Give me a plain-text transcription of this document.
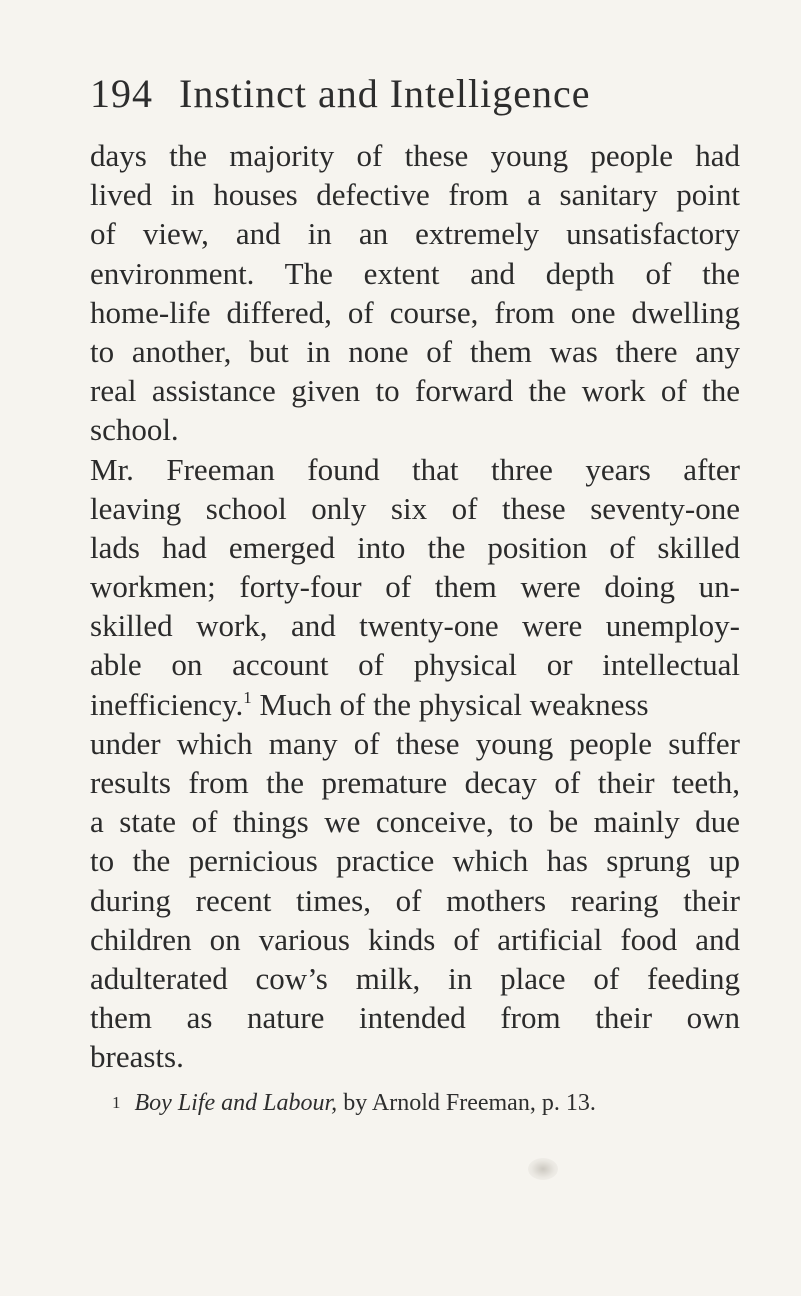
194 Instinct and Intelligence
days the majority of these young people had
lived in houses defective from a sanitary point
of view, and in an extremely unsatisfactory
environment. The extent and depth of the
home-life differed, of course, from one dwelling
to another, but in none of them was there any
real assistance given to forward the work of the
school.
Mr. Freeman found that three years after
leaving school only six of these seventy-one
lads had emerged into the position of skilled
workmen; forty-four of them were doing un-
skilled work, and twenty-one were unemploy-
able on account of physical or intellectual
inefficiency.$^1$ Much of the physical weakness
under which many of these young people suffer
results from the premature decay of their teeth,
a state of things we conceive, to be mainly due
to the pernicious practice which has sprung up
during recent times, of mothers rearing their
children on various kinds of artificial food and
adulterated cow’s milk, in place of feeding
them as nature intended from their own
breasts.
1 Boy Life and Labour, by Arnold Freeman, p. 13.
